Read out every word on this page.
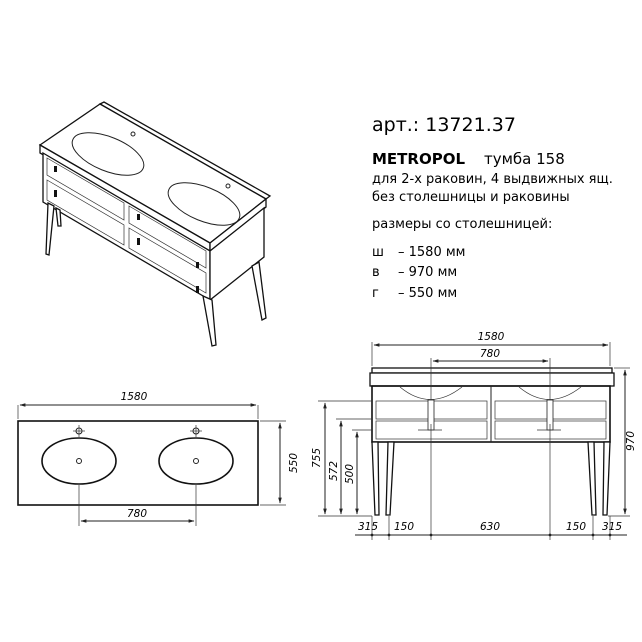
арт.: 13721.37
METROPOL тумба 158
для 2-х раковин, 4 выдвижных ящ.
без столешницы и раковины
размеры со столешницей:
ш – 1580 мм
в – 970 мм
г – 550 мм
1580
550
780
1580
780
970
755
572 500
315 150	630	150 315
